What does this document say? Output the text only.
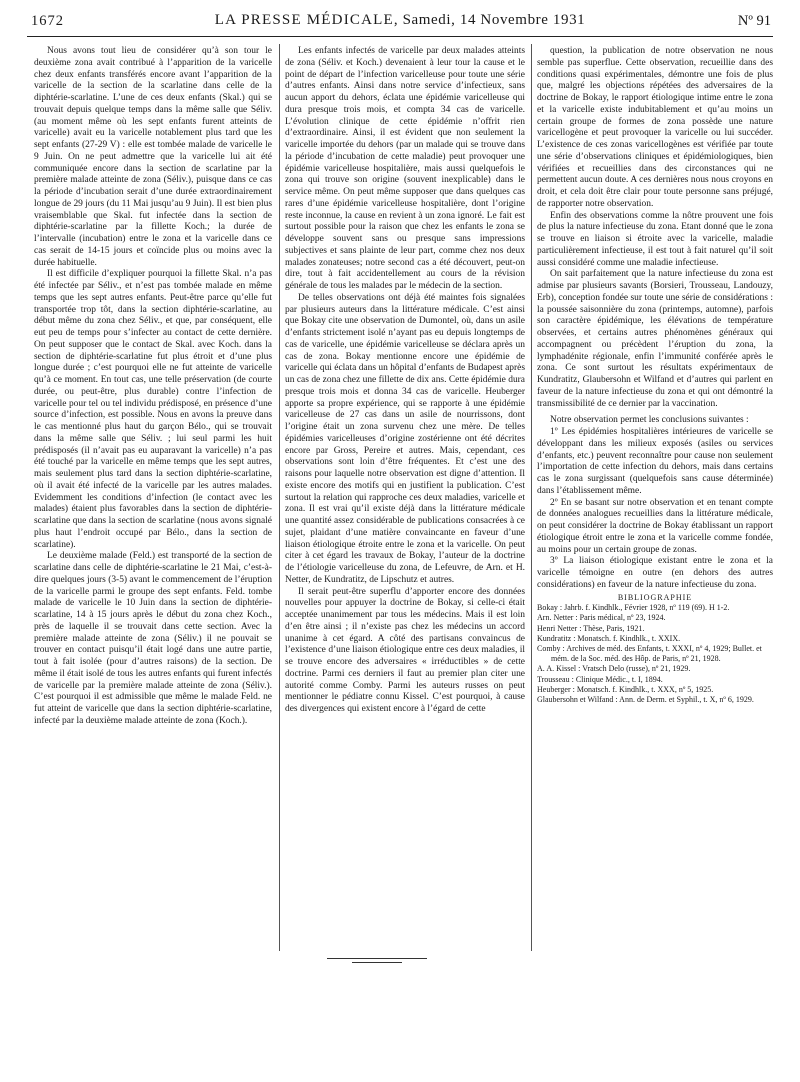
1672	LA PRESSE MÉDICALE, Samedi, 14 Novembre 1931	Nº 91

Nous avons tout lieu de considérer qu’à son tour le deuxième zona avait contribué à l’apparition de la varicelle chez deux enfants transférés encore avant l’apparition de la varicelle de la section de la scarlatine dans celle de la diphtérie-scarlatine. L’une de ces deux enfants (Skal.) qui se trouvait depuis quelque temps dans la même salle que Séliv. (au moment même où les sept enfants furent atteints de varicelle) avait eu la varicelle notablement plus tard que les sept enfants (27-29 V) : elle est tombée malade de varicelle le 9 Juin. On ne peut admettre que la varicelle lui ait été communiquée encore dans la section de scarlatine par la première malade atteinte de zona (Séliv.), puisque dans ce cas la période d’incubation serait d’une durée extraordinairement longue de 29 jours (du 11 Mai jusqu’au 9 Juin). Il est bien plus vraisemblable que Skal. fut infectée dans la section de diphtérie-scarlatine par la fillette Koch.; la durée de l’intervalle (incubation) entre le zona et la varicelle dans ce cas serait de 14-15 jours et coïncide plus ou moins avec la durée habituelle.

Il est difficile d’expliquer pourquoi la fillette Skal. n’a pas été infectée par Séliv., et n’est pas tombée malade en même temps que les sept autres enfants. Peut-être parce qu’elle fut transportée trop tôt, dans la section diphtérie-scarlatine, au début même du zona chez Séliv., et que, par conséquent, elle eut peu de temps pour s’infecter au contact de cette dernière. On peut supposer que le contact de Skal. avec Koch. dans la section de diphtérie-scarlatine fut plus étroit et d’une plus longue durée ; c’est pourquoi elle ne fut atteinte de varicelle qu’à ce moment. En tout cas, une telle préservation (de courte durée, ou peut-être, plus durable) contre l’infection de varicelle pour tel ou tel individu prédisposé, en présence d’une source d’infection, est possible. Nous en avons la preuve dans le cas mentionné plus haut du garçon Bélo., qui se trouvait dans la même salle que Séliv. ; lui seul parmi les huit prédisposés (il n’avait pas eu auparavant la varicelle) n’a pas été touché par la varicelle en même temps que les sept autres, mais seulement plus tard dans la section diphtérie-scarlatine, où il avait été infecté de la varicelle par les autres malades. Evidemment les conditions d’infection (le contact avec les malades) étaient plus favorables dans la section de diphtérie-scarlatine que dans la section de scarlatine (nous avons signalé plus haut l’endroit occupé par Bélo., dans la section de scarlatine).

Le deuxième malade (Feld.) est transporté de la section de scarlatine dans celle de diphtérie-scarlatine le 21 Mai, c’est-à-dire quelques jours (3-5) avant le commencement de l’éruption de la varicelle parmi le groupe des sept enfants. Feld. tombe malade de varicelle le 10 Juin dans la section de diphtérie-scarlatine, 14 à 15 jours après le début du zona chez Koch., près de laquelle il se trouvait dans cette section. Avec la première malade atteinte de zona (Séliv.) il ne pouvait se trouver en contact puisqu’il était logé dans une autre partie, tout à fait isolée (pour d’autres raisons) de la section. De même il était isolé de tous les autres enfants qui furent infectés de varicelle par la première malade atteinte de zona (Séliv.). C’est pourquoi il est admissible que même le malade Feld. ne fut atteint de varicelle que dans la section diphtérie-scarlatine, infecté par la deuxième malade atteinte de zona (Koch.).

Les enfants infectés de varicelle par deux malades atteints de zona (Séliv. et Koch.) devenaient à leur tour la cause et le point de départ de l’infection varicelleuse pour toute une série d’autres enfants. Ainsi dans notre service d’infectieux, sans aucun apport du dehors, éclata une épidémie varicelleuse qui dura presque trois mois, et compta 34 cas de varicelle. L’évolution clinique de cette épidémie n’offrit rien d’extraordinaire. Ainsi, il est évident que non seulement la varicelle importée du dehors (par un malade qui se trouve dans la période d’incubation de cette maladie) peut provoquer une épidémie varicelleuse hospitalière, mais aussi quelquefois le zona qui trouve son origine (souvent inexplicable) dans le service même. On peut même supposer que dans quelques cas rares d’une épidémie varicelleuse hospitalière, dont l’origine reste inconnue, la cause en revient à un zona ignoré. Le fait est surtout possible pour la raison que chez les enfants le zona se développe souvent sans ou presque sans impressions subjectives et sans plainte de leur part, comme chez nos deux malades zonateuses; notre second cas a été découvert, peut-on dire, tout à fait accidentellement au cours de la révision générale de tous les malades par le médecin de la section.

De telles observations ont déjà été maintes fois signalées par plusieurs auteurs dans la littérature médicale. C’est ainsi que Bokay cite une observation de Dumontel, où, dans un asile d’enfants strictement isolé n’ayant pas eu depuis longtemps de cas de varicelle, une épidémie varicelleuse se déclara après un cas de zona. Bokay mentionne encore une épidémie de varicelle qui éclata dans un hôpital d’enfants de Budapest après un cas de zona chez une fillette de dix ans. Cette épidémie dura presque trois mois et donna 34 cas de varicelle. Heuberger apporte sa propre expérience, qui se rapporte à une épidémie varicelleuse de 27 cas dans un asile de nourrissons, dont l’origine était un zona survenu chez une mère. De telles épidémies varicelleuses d’origine zostérienne ont été décrites encore par Gross, Pereire et autres. Mais, cependant, ces observations sont loin d’être fréquentes. Et c’est une des raisons pour laquelle notre observation est digne d’attention. Il existe encore des motifs qui en justifient la publication. C’est surtout la relation qui rapproche ces deux maladies, varicelle et zona. Il est vrai qu’il existe déjà dans la littérature médicale une quantité assez considérable de publications consacrées à ce sujet, plaidant d’une matière convaincante en faveur d’une liaison étiologique étroite entre le zona et la varicelle. On peut citer à cet égard les travaux de Bokay, l’auteur de la doctrine de l’étiologie varicelleuse du zona, de Lefeuvre, de Arn. et H. Netter, de Kundratitz, de Lipschutz et autres.

Il serait peut-être superflu d’apporter encore des données nouvelles pour appuyer la doctrine de Bokay, si celle-ci était acceptée unanimement par tous les médecins. Mais il est loin d’en être ainsi ; il n’existe pas chez les médecins un accord unanime à cet égard. A côté des partisans convaincus de l’existence d’une liaison étiologique entre ces deux maladies, il se trouve encore des adversaires « irréductibles » de cette doctrine. Parmi ces derniers il faut au premier plan citer une autorité comme Comby. Parmi les auteurs russes on peut mentionner le pédiatre connu Kissel. C’est pourquoi, à cause des divergences qui existent encore à l’égard de cette

question, la publication de notre observation ne nous semble pas superflue. Cette observation, recueillie dans des conditions quasi expérimentales, démontre une fois de plus que, malgré les objections répétées des adversaires de la doctrine de Bokay, le rapport étiologique intime entre le zona et la varicelle existe indubitablement et qu’au moins un certain groupe de formes de zona possède une nature varicellogène et peut provoquer la varicelle ou lui succéder. L’existence de ces zonas varicellogènes est vérifiée par toute une série d’observations cliniques et épidémiologiques, bien vérifiées et recueillies dans des circonstances qui ne permettent aucun doute. A ces dernières nous nous croyons en droit, et cela doit être clair pour toute personne sans préjugé, de rapporter notre observation.

Enfin des observations comme la nôtre prouvent une fois de plus la nature infectieuse du zona. Etant donné que le zona se trouve en liaison si étroite avec la varicelle, maladie particulièrement infectieuse, il est tout à fait naturel qu’il soit aussi considéré comme une maladie infectieuse.

On sait parfaitement que la nature infectieuse du zona est admise par plusieurs savants (Borsieri, Trousseau, Landouzy, Erb), conception fondée sur toute une série de considérations : la poussée saisonnière du zona (printemps, automne), parfois son caractère épidémique, les élévations de température observées, et certains autres phénomènes généraux qui accompagnent ou précèdent l’éruption du zona, la lymphadénite régionale, enfin l’immunité conférée après le zona. Ce sont surtout les résultats expérimentaux de Kundratitz, Glaubersohn et Wilfand et d’autres qui parlent en faveur de la nature infectieuse du zona et qui ont démontré la transmissibilité de ce dernier par la vaccination.

Notre observation permet les conclusions suivantes :

1º Les épidémies hospitalières intérieures de varicelle se développant dans les milieux exposés (asiles ou services d’enfants, etc.) peuvent reconnaître pour cause non seulement l’importation de cette infection du dehors, mais dans certains cas le zona surgissant (quelquefois sans cause déterminée) dans l’établissement même.

2º En se basant sur notre observation et en tenant compte de données analogues recueillies dans la littérature médicale, on peut considérer la doctrine de Bokay établissant un rapport étiologique étroit entre le zona et la varicelle comme fondée, au moins pour un certain groupe de zonas.

3º La liaison étiologique existant entre le zona et la varicelle témoigne en outre (en dehors des autres considérations) en faveur de la nature infectieuse du zona.

BIBLIOGRAPHIE

Bokay : Jahrb. f. Kindhlk., Février 1928, nº 119 (69). H 1-2.

Arn. Netter : Paris médical, nº 23, 1924.

Henri Netter : Thèse, Paris, 1921.

Kundratitz : Monatsch. f. Kindhlk., t. XXIX.

Comby : Archives de méd. des Enfants, t. XXXI, nº 4, 1929; Bullet. et mém. de la Soc. méd. des Hôp. de Paris, nº 21, 1928.

A. A. Kissel : Vratsch Delo (russe), nº 21, 1929.

Trousseau : Clinique Médic., t. I, 1894.

Heuberger : Monatsch. f. Kindhlk., t. XXX, nº 5, 1925.

Glaubersohn et Wilfand : Ann. de Derm. et Syphil., t. X, nº 6, 1929.
